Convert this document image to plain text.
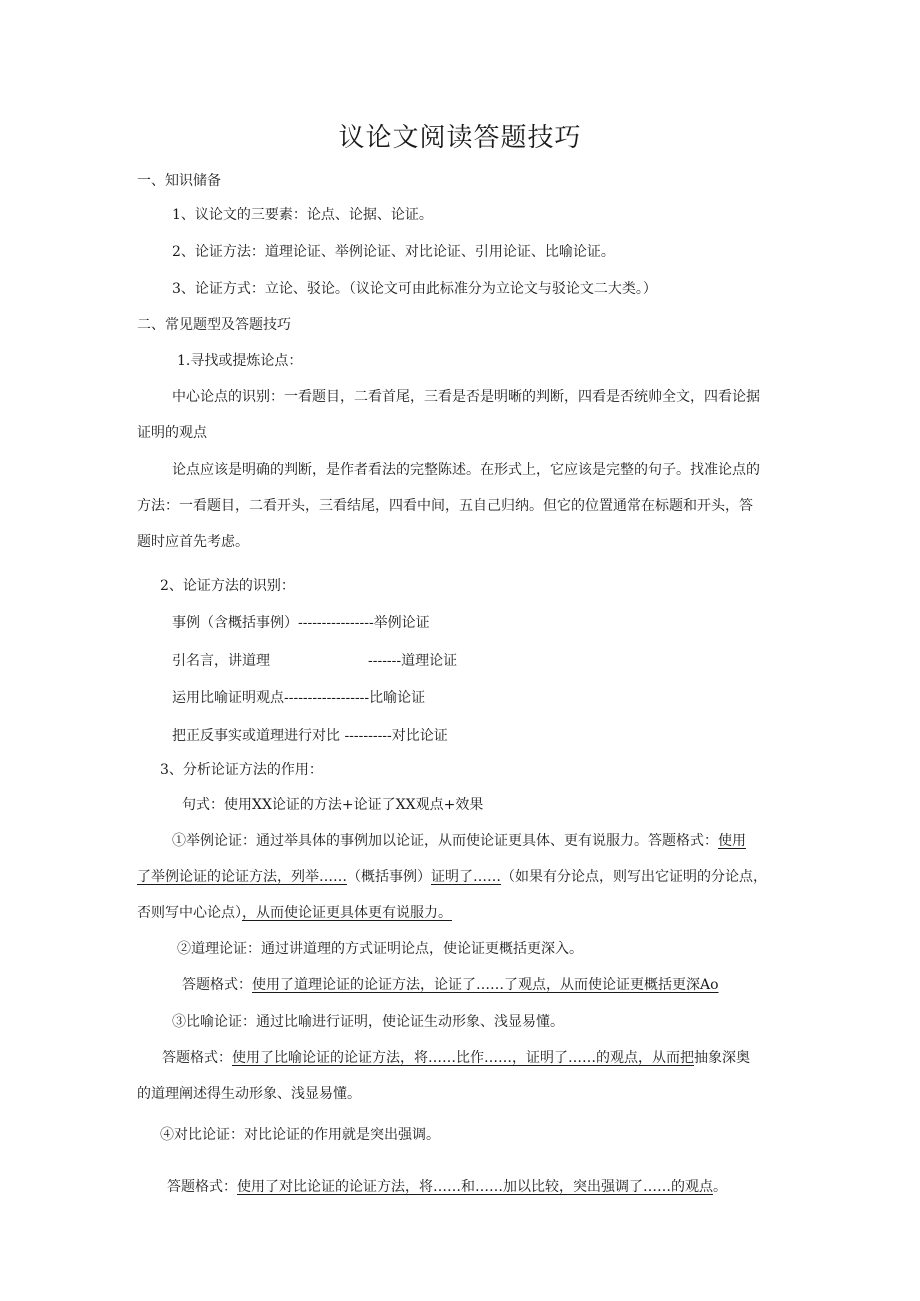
议论文阅读答题技巧
一、知识储备
1、议论文的三要素：论点、论据、论证。
2、论证方法：道理论证、举例论证、对比论证、引用论证、比喻论证。
3、论证方式：立论、驳论。（议论文可由此标准分为立论文与驳论文二大类。）
二、常见题型及答题技巧
1.寻找或提炼论点：
中心论点的识别：一看题目，二看首尾，三看是否是明晰的判断，四看是否统帅全文，四看论据
证明的观点
论点应该是明确的判断，是作者看法的完整陈述。在形式上，它应该是完整的句子。找准论点的
方法：一看题目，二看开头，三看结尾，四看中间，五自己归纳。但它的位置通常在标题和开头，答
题时应首先考虑。
2、论证方法的识别：
事例（含概括事例）----------------举例论证
引名言，讲道理	-------道理论证
运用比喻证明观点------------------比喻论证
把正反事实或道理进行对比 ----------对比论证
3、分析论证方法的作用：
句式：使用XX论证的方法+论证了XX观点+效果
①举例论证：通过举具体的事例加以论证，从而使论证更具体、更有说服力。答题格式：使用
了举例论证的论证方法，列举……（概括事例）证明了……（如果有分论点，则写出它证明的分论点，
否则写中心论点），从而使论证更具体更有说服力。
②道理论证：通过讲道理的方式证明论点，使论证更概括更深入。
答题格式：使用了道理论证的论证方法，论证了……了观点，从而使论证更概括更深Ao
③比喻论证：通过比喻进行证明，使论证生动形象、浅显易懂。
答题格式：使用了比喻论证的论证方法，将……比作……，证明了……的观点，从而把抽象深奥
的道理阐述得生动形象、浅显易懂。
④对比论证：对比论证的作用就是突出强调。
答题格式：使用了对比论证的论证方法，将……和……加以比较，突出强调了……的观点。
